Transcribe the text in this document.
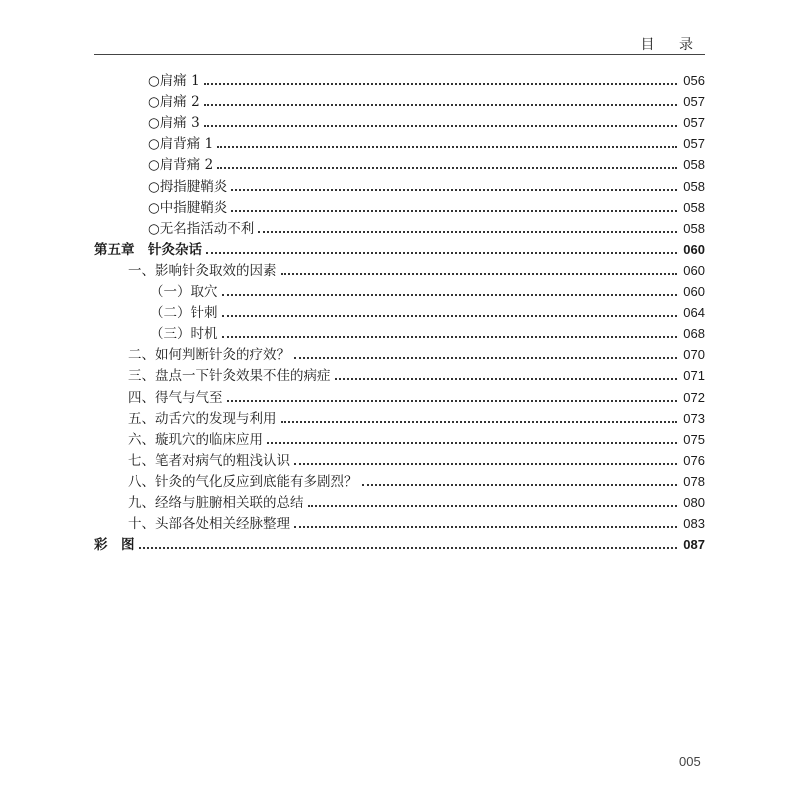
目 录
○肩痛 1	056
○肩痛 2	057
○肩痛 3	057
○肩背痛 1	057
○肩背痛 2	058
○拇指腱鞘炎	058
○中指腱鞘炎	058
○无名指活动不利	058
第五章　针灸杂话	060
一、影响针灸取效的因素	060
（一）取穴	060
（二）针刺	064
（三）时机	068
二、如何判断针灸的疗效？	070
三、盘点一下针灸效果不佳的病症	071
四、得气与气至	072
五、动舌穴的发现与利用	073
六、璇玑穴的临床应用	075
七、笔者对病气的粗浅认识	076
八、针灸的气化反应到底能有多剧烈？	078
九、经络与脏腑相关联的总结	080
十、头部各处相关经脉整理	083
彩　图	087
005
